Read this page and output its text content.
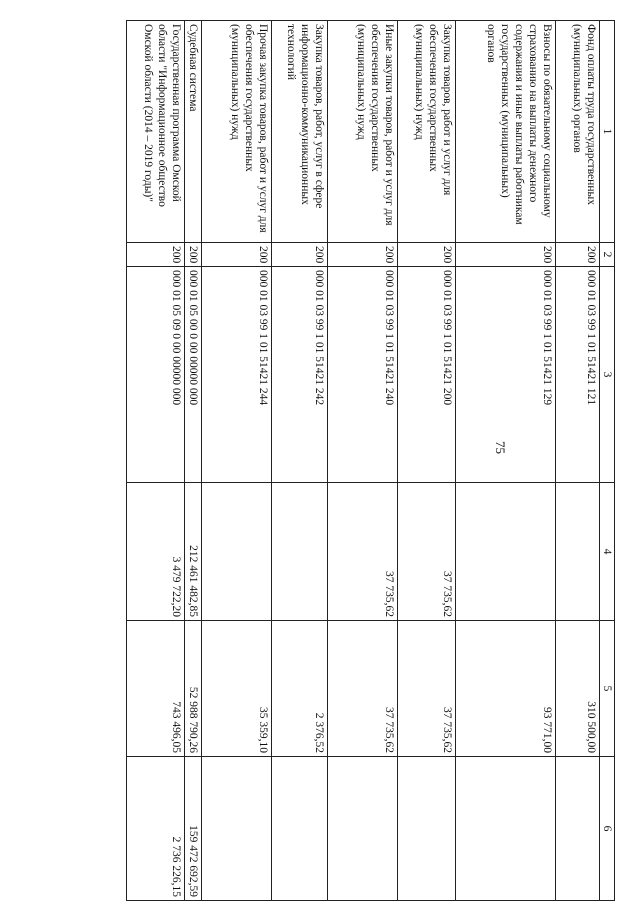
75
1	2	3	4	5	6
Фонд оплаты труда государственных (муниципальных) органов	200	000 01 03 99 1 01 51421 121		310 500,00	
Взносы по обязательному социальному страхованию на выплаты денежного содержания и иные выплаты работникам государственных (муниципальных) органов	200	000 01 03 99 1 01 51421 129		93 771,00	
Закупка товаров, работ и услуг для обеспечения государственных (муниципальных) нужд	200	000 01 03 99 1 01 51421 200	37 735,62	37 735,62	
Иные закупки товаров, работ и услуг для обеспечения государственных (муниципальных) нужд	200	000 01 03 99 1 01 51421 240	37 735,62	37 735,62	
Закупка товаров, работ, услуг в сфере информационно-коммуникационных технологий	200	000 01 03 99 1 01 51421 242		2 376,52	
Прочая закупка товаров, работ и услуг для обеспечения государственных (муниципальных) нужд	200	000 01 03 99 1 01 51421 244		35 359,10	
Судебная система	200	000 01 05 00 0 00 00000 000	212 461 482,85	52 988 790,26	159 472 692,59
Государственная программа Омской области "Информационное общество Омской области (2014 – 2019 годы)"	200	000 01 05 09 0 00 00000 000	3 479 722,20	743 496,05	2 736 226,15
